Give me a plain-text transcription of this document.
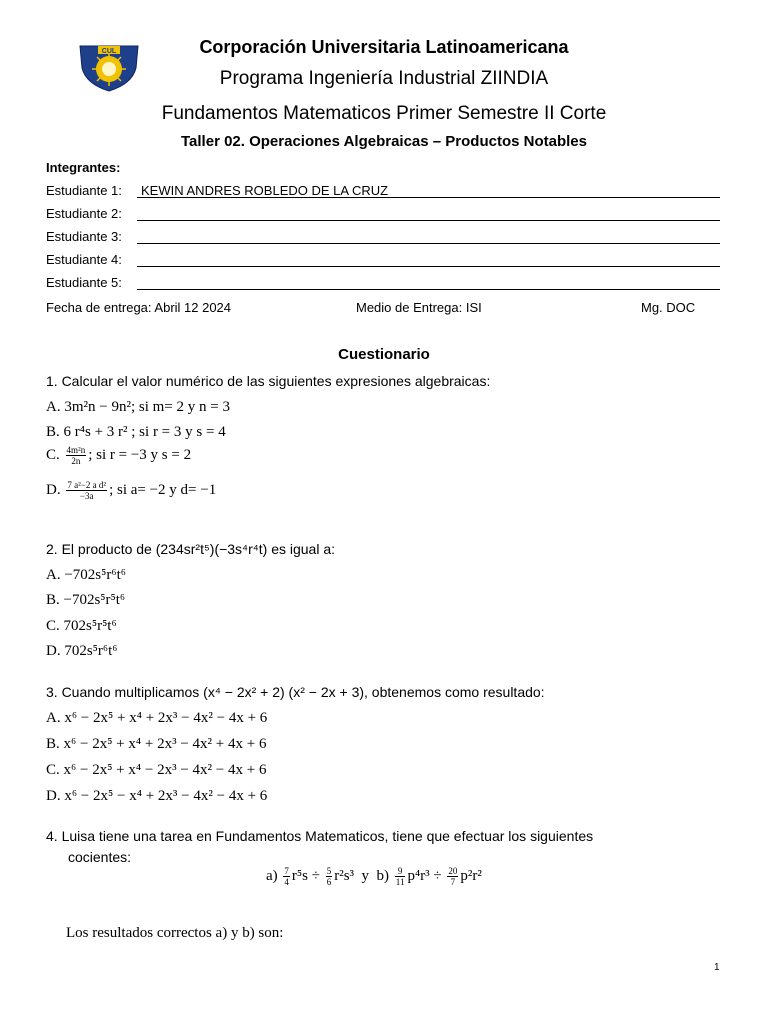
CUL	Corporación Universitaria Latinoamericana
Programa Ingeniería Industrial ZIINDIA
Fundamentos Matematicos Primer Semestre II Corte
Taller 02. Operaciones Algebraicas – Productos Notables
Integrantes:
Estudiante 1: KEWIN ANDRES ROBLEDO DE LA CRUZ
Estudiante 2:
Estudiante 3:
Estudiante 4:
Estudiante 5:
Fecha de entrega: Abril 12 2024	Medio de Entrega: ISI	Mg. DOC
Cuestionario
1. Calcular el valor numérico de las siguientes expresiones algebraicas:
A. 3m²n − 9n²; si m= 2 y n = 3
B. 6 r⁴s + 3 r² ; si r = 3 y s = 4
C. $\frac{\text{4m²n}}{2n}$ ; si r = −3 y s = 2
D. $\frac{\text{7 a²−2 a d²}}{-3a}$ ; si a= −2 y d= −1
2. El producto de (234sr²t⁵)(−3s⁴r⁴t) es igual a:
A. −702s⁵r⁶t⁶
B. −702s⁵r⁵t⁶
C. 702s⁵r⁵t⁶
D. 702s⁵r⁶t⁶
3. Cuando multiplicamos (x⁴ − 2x² + 2) (x² − 2x + 3), obtenemos como resultado:
A. x⁶ − 2x⁵ + x⁴ + 2x³ − 4x² − 4x + 6
B. x⁶ − 2x⁵ + x⁴ + 2x³ − 4x² + 4x + 6
C. x⁶ − 2x⁵ + x⁴ − 2x³ − 4x² − 4x + 6
D. x⁶ − 2x⁵ − x⁴ + 2x³ − 4x² − 4x + 6
4. Luisa tiene una tarea en Fundamentos Matematicos, tiene que efectuar los siguientes
cocientes:
$a) \frac{7}{4} r^5s \div \frac{5}{6} r^2s^3$ y $b) \frac{9}{11} p^4r^3 \div \frac{20}{7} p^2r^2$
Los resultados correctos a) y b) son:
1
